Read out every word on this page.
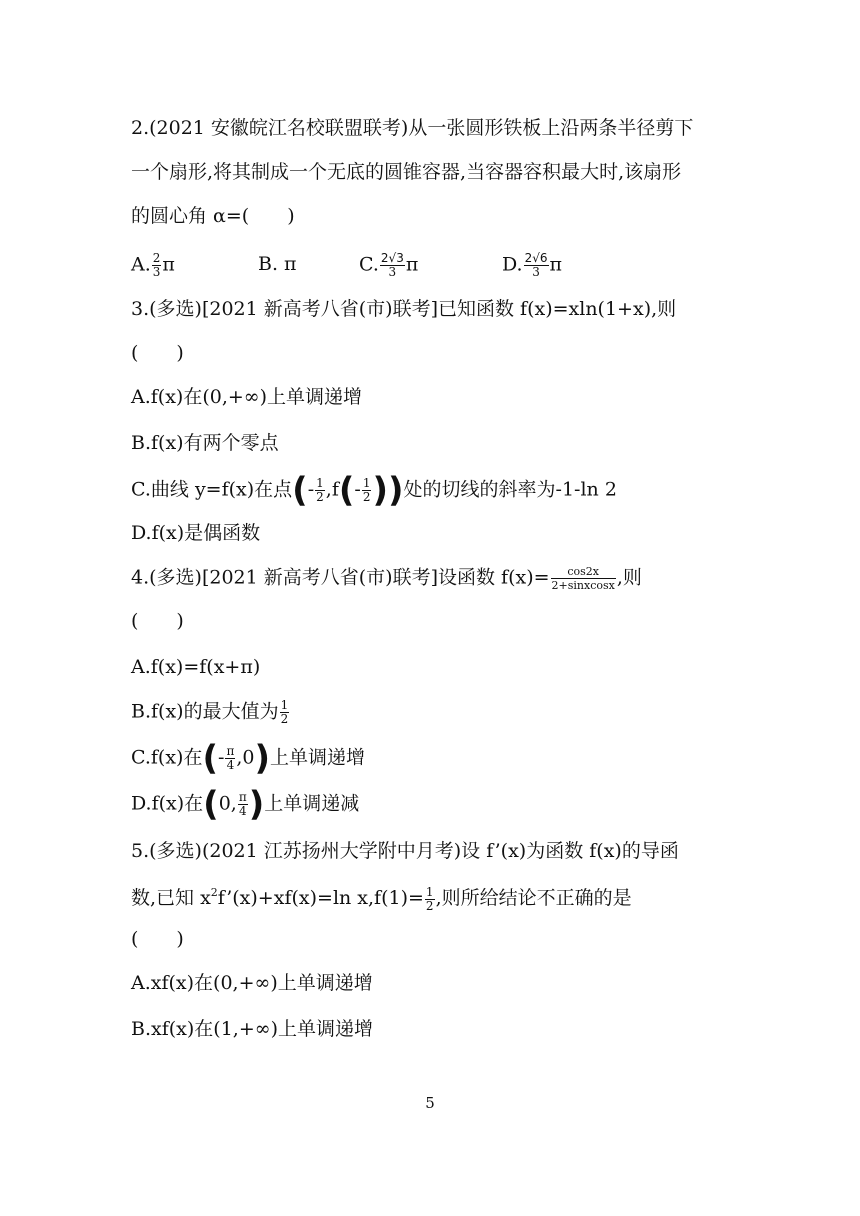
2.(2021 安徽皖江名校联盟联考)从一张圆形铁板上沿两条半径剪下
一个扇形,将其制成一个无底的圆锥容器,当容器容积最大时,该扇形
的圆心角 α=(　　)
A. $\frac{2}{3}$ π	B. π	C. $\frac{2√3}{3}$ π	D. $\frac{2√6}{3}$ π
3.(多选)[2021 新高考八省(市)联考]已知函数 f(x)=xln(1+x),则
(　　)
A.f(x)在(0,+∞)上单调递增
B.f(x)有两个零点
C.曲线 y=f(x)在点(- $\frac{1}{2} ,f(- \frac{1}{2}$ ))处的切线的斜率为-1-ln 2
D.f(x)是偶函数
4.(多选)[2021 新高考八省(市)联考]设函数 $f(x)= \frac{\cos 2x}{\text{2+sinxcosx}}$ ,则
(　　)
A.f(x)=f(x+π)
B.f(x)的最大值为 $\frac{1}{2}$
C.f(x)在(- $\frac{\pi}{4} ,0$)上单调递增
D.f(x)在(0, $\frac{\pi}{4}$ )上单调递减
5.(多选)(2021 江苏扬州大学附中月考)设 f’(x)为函数 f(x)的导函
数,已知 $x^2f’(x)+xf(x)=\ln$ $x,f(1)= \frac{1}{2}$ ,则所给结论不正确的是
(　　)
A.xf(x)在(0,+∞)上单调递增
B.xf(x)在(1,+∞)上单调递增
5
